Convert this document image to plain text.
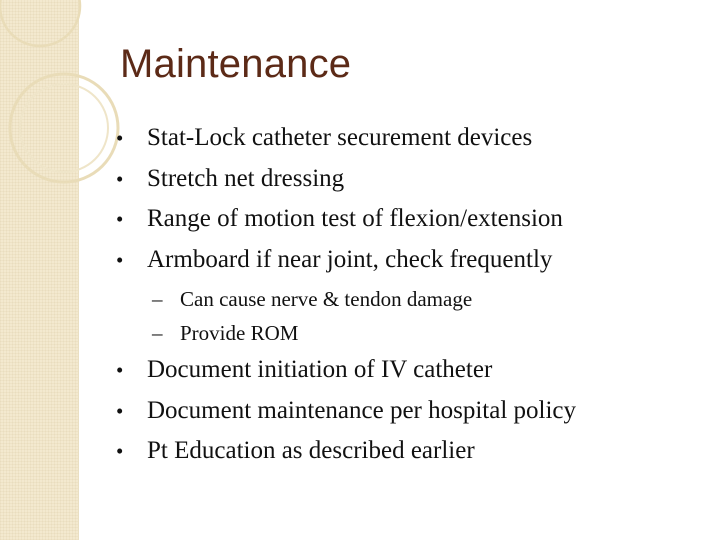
Maintenance
• Stat-Lock catheter securement devices
• Stretch net dressing
• Range of motion test of flexion/extension
• Armboard if near joint, check frequently
– Can cause nerve & tendon damage
– Provide ROM
• Document initiation of IV catheter
• Document maintenance per hospital policy
• Pt Education as described earlier
